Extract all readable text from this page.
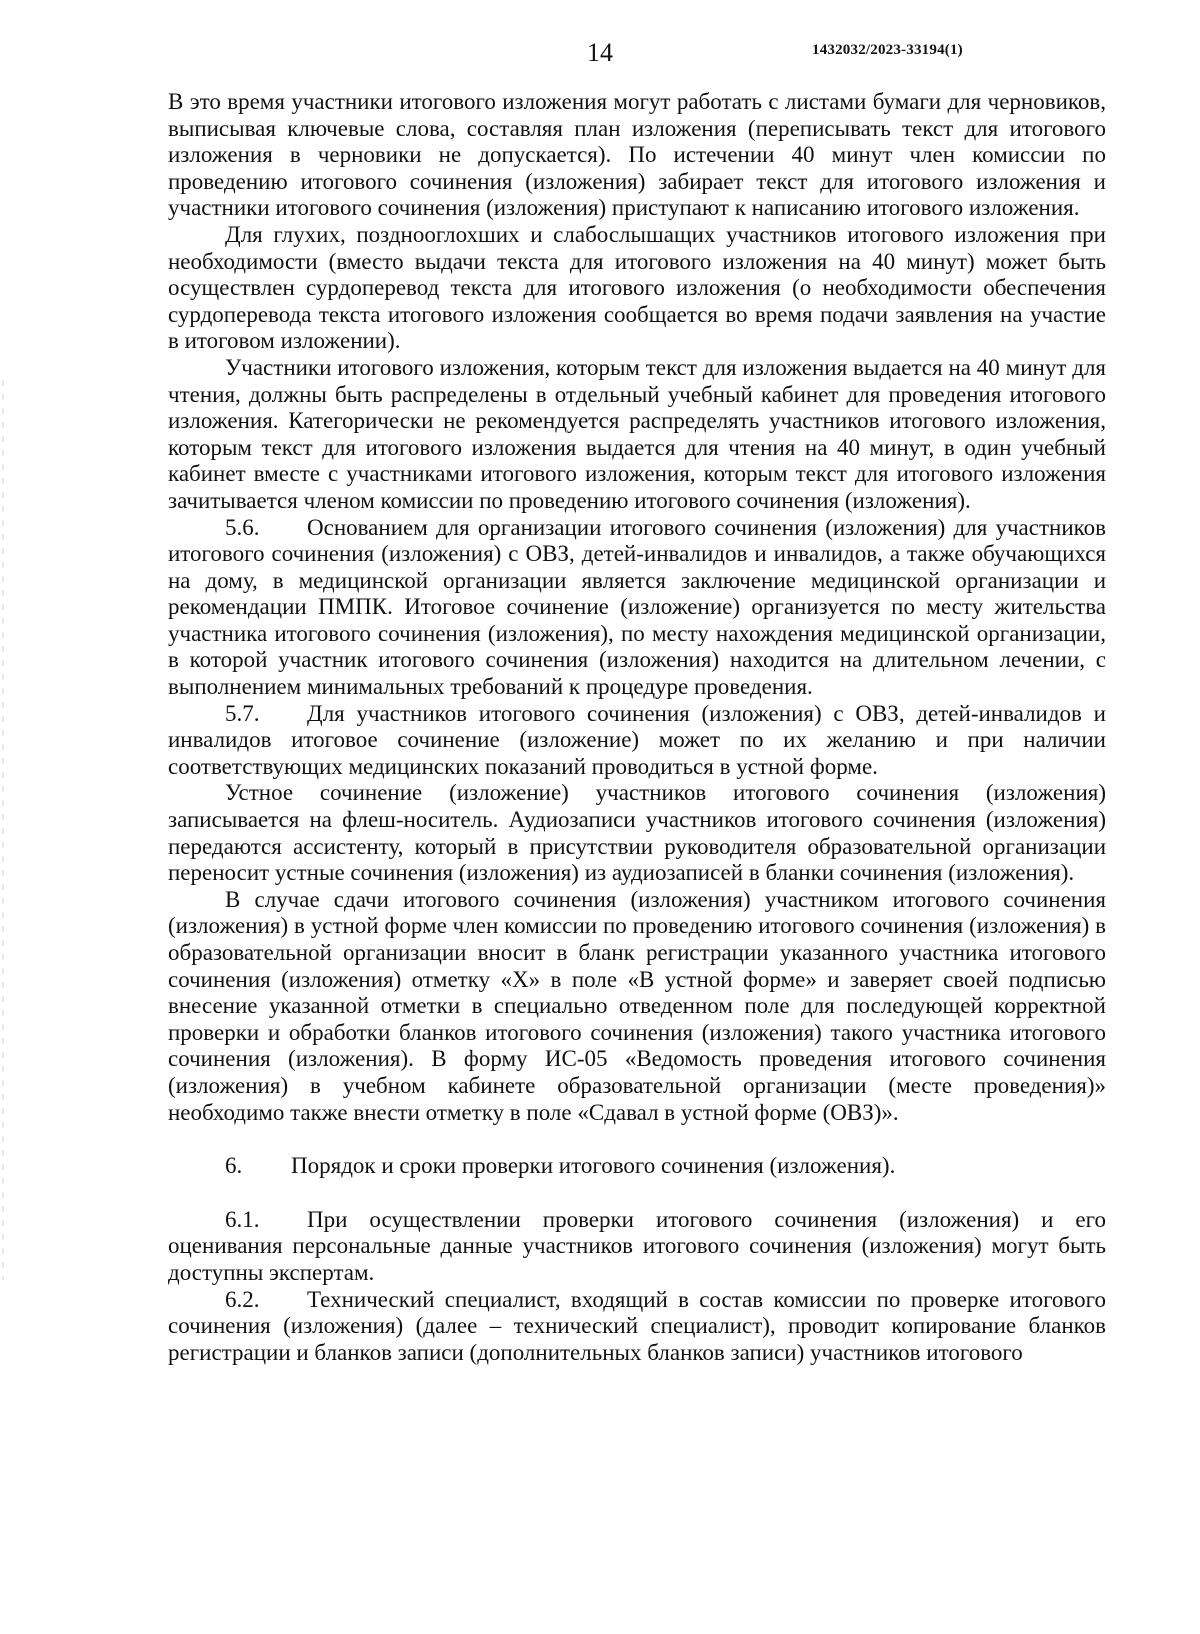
14	1432032/2023-33194(1)

В это время участники итогового изложения могут работать с листами бумаги для черновиков, выписывая ключевые слова, составляя план изложения (переписывать текст для итогового изложения в черновики не допускается). По истечении 40 минут член комиссии по проведению итогового сочинения (изложения) забирает текст для итогового изложения и участники итогового сочинения (изложения) приступают к написанию итогового изложения.

Для глухих, позднооглохших и слабослышащих участников итогового изложения при необходимости (вместо выдачи текста для итогового изложения на 40 минут) может быть осуществлен сурдоперевод текста для итогового изложения (о необходимости обеспечения сурдоперевода текста итогового изложения сообщается во время подачи заявления на участие в итоговом изложении).

Участники итогового изложения, которым текст для изложения выдается на 40 минут для чтения, должны быть распределены в отдельный учебный кабинет для проведения итогового изложения. Категорически не рекомендуется распределять участников итогового изложения, которым текст для итогового изложения выдается для чтения на 40 минут, в один учебный кабинет вместе с участниками итогового изложения, которым текст для итогового изложения зачитывается членом комиссии по проведению итогового сочинения (изложения).

5.6. Основанием для организации итогового сочинения (изложения) для участников итогового сочинения (изложения) с ОВЗ, детей-инвалидов и инвалидов, а также обучающихся на дому, в медицинской организации является заключение медицинской организации и рекомендации ПМПК. Итоговое сочинение (изложение) организуется по месту жительства участника итогового сочинения (изложения), по месту нахождения медицинской организации, в которой участник итогового сочинения (изложения) находится на длительном лечении, с выполнением минимальных требований к процедуре проведения.

5.7. Для участников итогового сочинения (изложения) с ОВЗ, детей-инвалидов и инвалидов итоговое сочинение (изложение) может по их желанию и при наличии соответствующих медицинских показаний проводиться в устной форме.

Устное сочинение (изложение) участников итогового сочинения (изложения) записывается на флеш-носитель. Аудиозаписи участников итогового сочинения (изложения) передаются ассистенту, который в присутствии руководителя образовательной организации переносит устные сочинения (изложения) из аудиозаписей в бланки сочинения (изложения).

В случае сдачи итогового сочинения (изложения) участником итогового сочинения (изложения) в устной форме член комиссии по проведению итогового сочинения (изложения) в образовательной организации вносит в бланк регистрации указанного участника итогового сочинения (изложения) отметку «Х» в поле «В устной форме» и заверяет своей подписью внесение указанной отметки в специально отведенном поле для последующей корректной проверки и обработки бланков итогового сочинения (изложения) такого участника итогового сочинения (изложения). В форму ИС-05 «Ведомость проведения итогового сочинения (изложения) в учебном кабинете образовательной организации (месте проведения)» необходимо также внести отметку в поле «Сдавал в устной форме (ОВЗ)».

6. Порядок и сроки проверки итогового сочинения (изложения).

6.1. При осуществлении проверки итогового сочинения (изложения) и его оценивания персональные данные участников итогового сочинения (изложения) могут быть доступны экспертам.

6.2. Технический специалист, входящий в состав комиссии по проверке итогового сочинения (изложения) (далее – технический специалист), проводит копирование бланков регистрации и бланков записи (дополнительных бланков записи) участников итогового
